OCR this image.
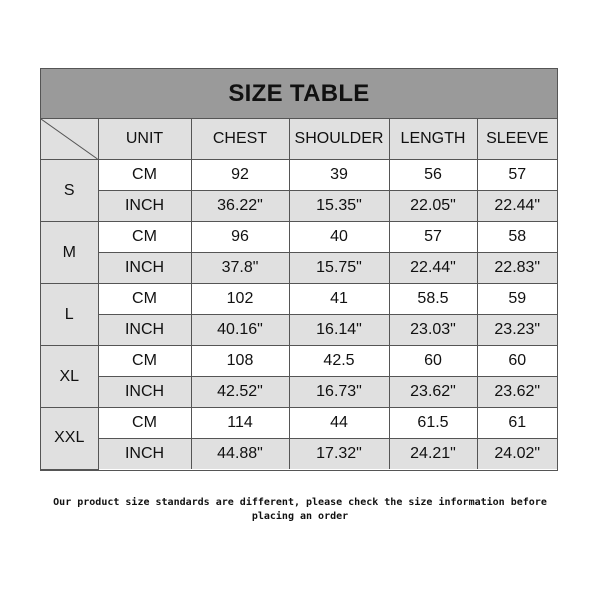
SIZE TABLE
	UNIT	CHEST	SHOULDER	LENGTH	SLEEVE
S	CM	92	39	56	57
	INCH	36.22"	15.35"	22.05"	22.44"
M	CM	96	40	57	58
	INCH	37.8"	15.75"	22.44"	22.83"
L	CM	102	41	58.5	59
	INCH	40.16"	16.14"	23.03"	23.23"
XL	CM	108	42.5	60	60
	INCH	42.52"	16.73"	23.62"	23.62"
XXL	CM	114	44	61.5	61
	INCH	44.88"	17.32"	24.21"	24.02"
Our product size standards are different, please check the size information before placing an order
